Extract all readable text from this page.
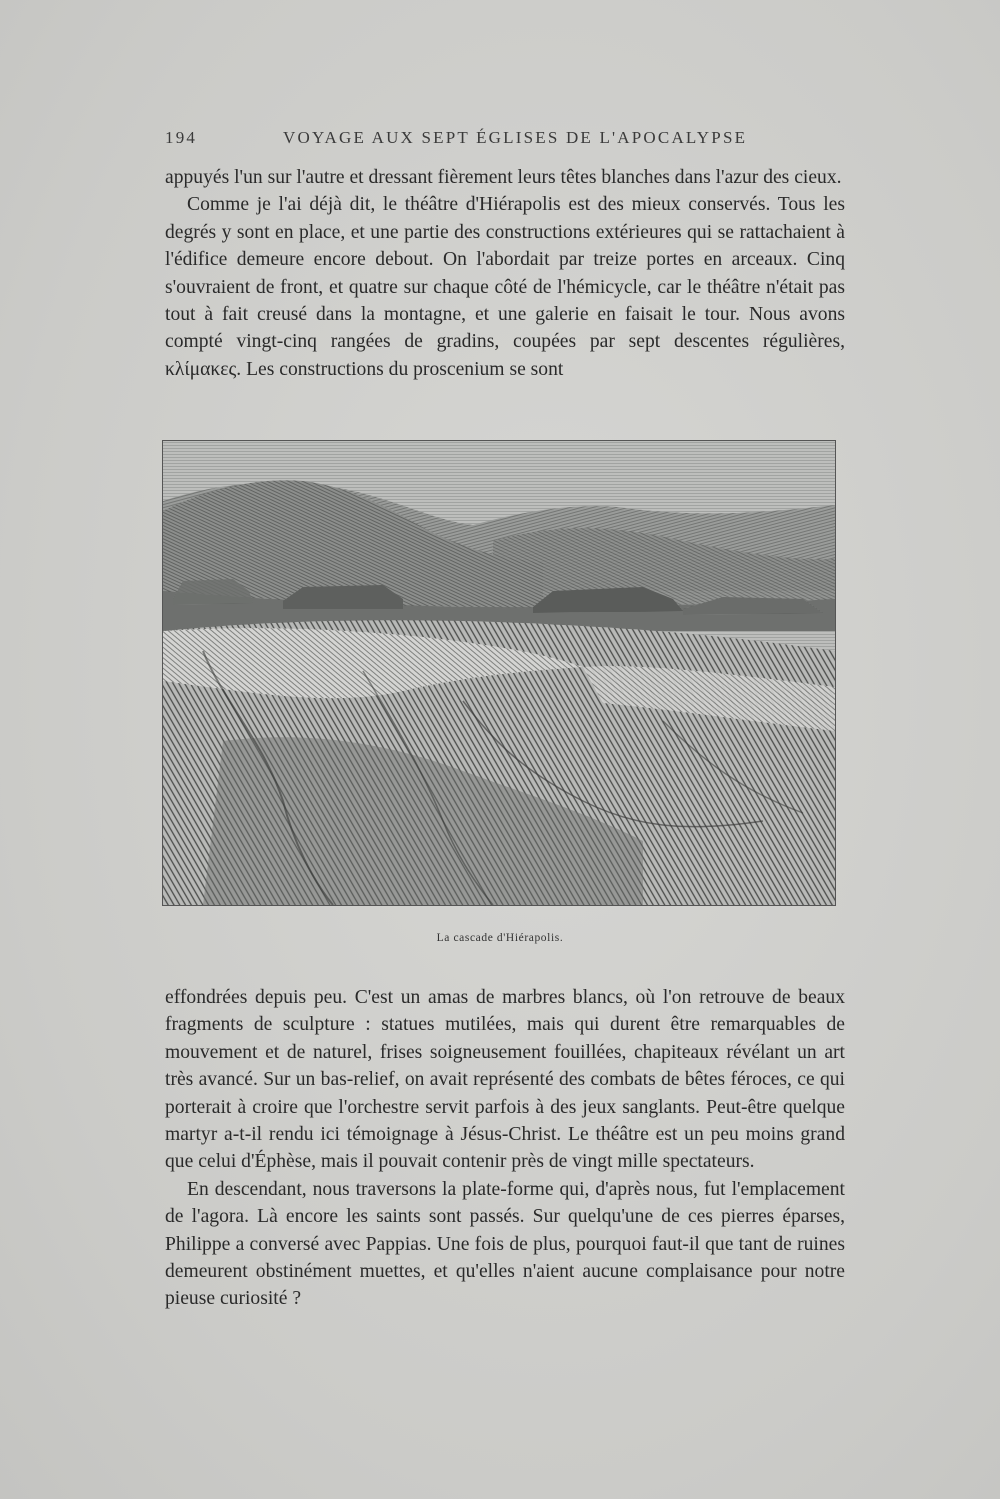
194	VOYAGE AUX SEPT ÉGLISES DE L'APOCALYPSE

appuyés l'un sur l'autre et dressant fièrement leurs têtes blanches dans l'azur des cieux.

Comme je l'ai déjà dit, le théâtre d'Hiérapolis est des mieux conservés. Tous les degrés y sont en place, et une partie des constructions extérieures qui se rattachaient à l'édifice demeure encore debout. On l'abordait par treize portes en arceaux. Cinq s'ouvraient de front, et quatre sur chaque côté de l'hémicycle, car le théâtre n'était pas tout à fait creusé dans la montagne, et une galerie en faisait le tour. Nous avons compté vingt-cinq rangées de gradins, coupées par sept descentes régulières, κλίμακες. Les constructions du proscenium se sont

La cascade d'Hiérapolis.

effondrées depuis peu. C'est un amas de marbres blancs, où l'on retrouve de beaux fragments de sculpture : statues mutilées, mais qui durent être remarquables de mouvement et de naturel, frises soigneusement fouillées, chapiteaux révélant un art très avancé. Sur un bas-relief, on avait représenté des combats de bêtes féroces, ce qui porterait à croire que l'orchestre servit parfois à des jeux sanglants. Peut-être quelque martyr a-t-il rendu ici témoignage à Jésus-Christ. Le théâtre est un peu moins grand que celui d'Éphèse, mais il pouvait contenir près de vingt mille spectateurs.

En descendant, nous traversons la plate-forme qui, d'après nous, fut l'emplacement de l'agora. Là encore les saints sont passés. Sur quelqu'une de ces pierres éparses, Philippe a conversé avec Pappias. Une fois de plus, pourquoi faut-il que tant de ruines demeurent obstinément muettes, et qu'elles n'aient aucune complaisance pour notre pieuse curiosité ?
